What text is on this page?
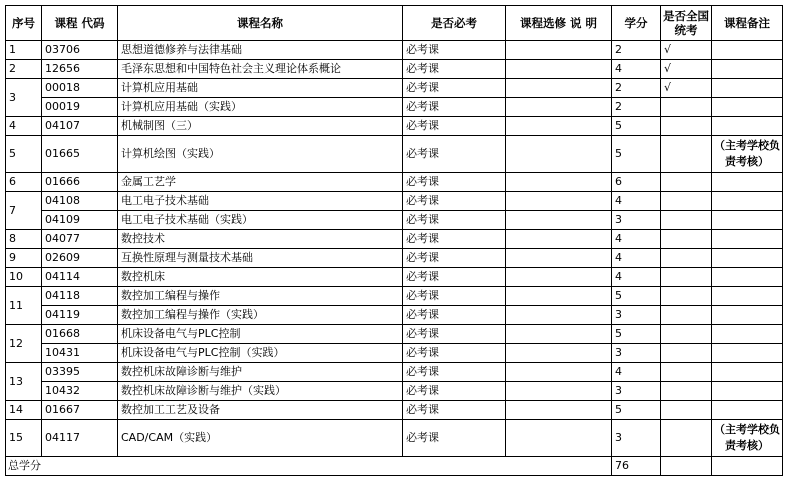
序号	课程 代码	课程名称	是否必考	课程选修 说 明	学分	是否全国统考	课程备注
1	03706	思想道德修养与法律基础	必考课		2	√	
2	12656	毛泽东思想和中国特色社会主义理论体系概论	必考课		4	√	
3	00018	计算机应用基础	必考课		2	√	
	00019	计算机应用基础（实践）	必考课		2		
4	04107	机械制图（三）	必考课		5		
5	01665	计算机绘图（实践）	必考课		5		（主考学校负责考核）
6	01666	金属工艺学	必考课		6		
7	04108	电工电子技术基础	必考课		4		
	04109	电工电子技术基础（实践）	必考课		3		
8	04077	数控技术	必考课		4		
9	02609	互换性原理与测量技术基础	必考课		4		
10	04114	数控机床	必考课		4		
11	04118	数控加工编程与操作	必考课		5		
	04119	数控加工编程与操作（实践）	必考课		3		
12	01668	机床设备电气与PLC控制	必考课		5		
	10431	机床设备电气与PLC控制（实践）	必考课		3		
13	03395	数控机床故障诊断与维护	必考课		4		
	10432	数控机床故障诊断与维护（实践）	必考课		3		
14	01667	数控加工工艺及设备	必考课		5		
15	04117	CAD/CAM（实践）	必考课		3		（主考学校负责考核）
总学分					76		
